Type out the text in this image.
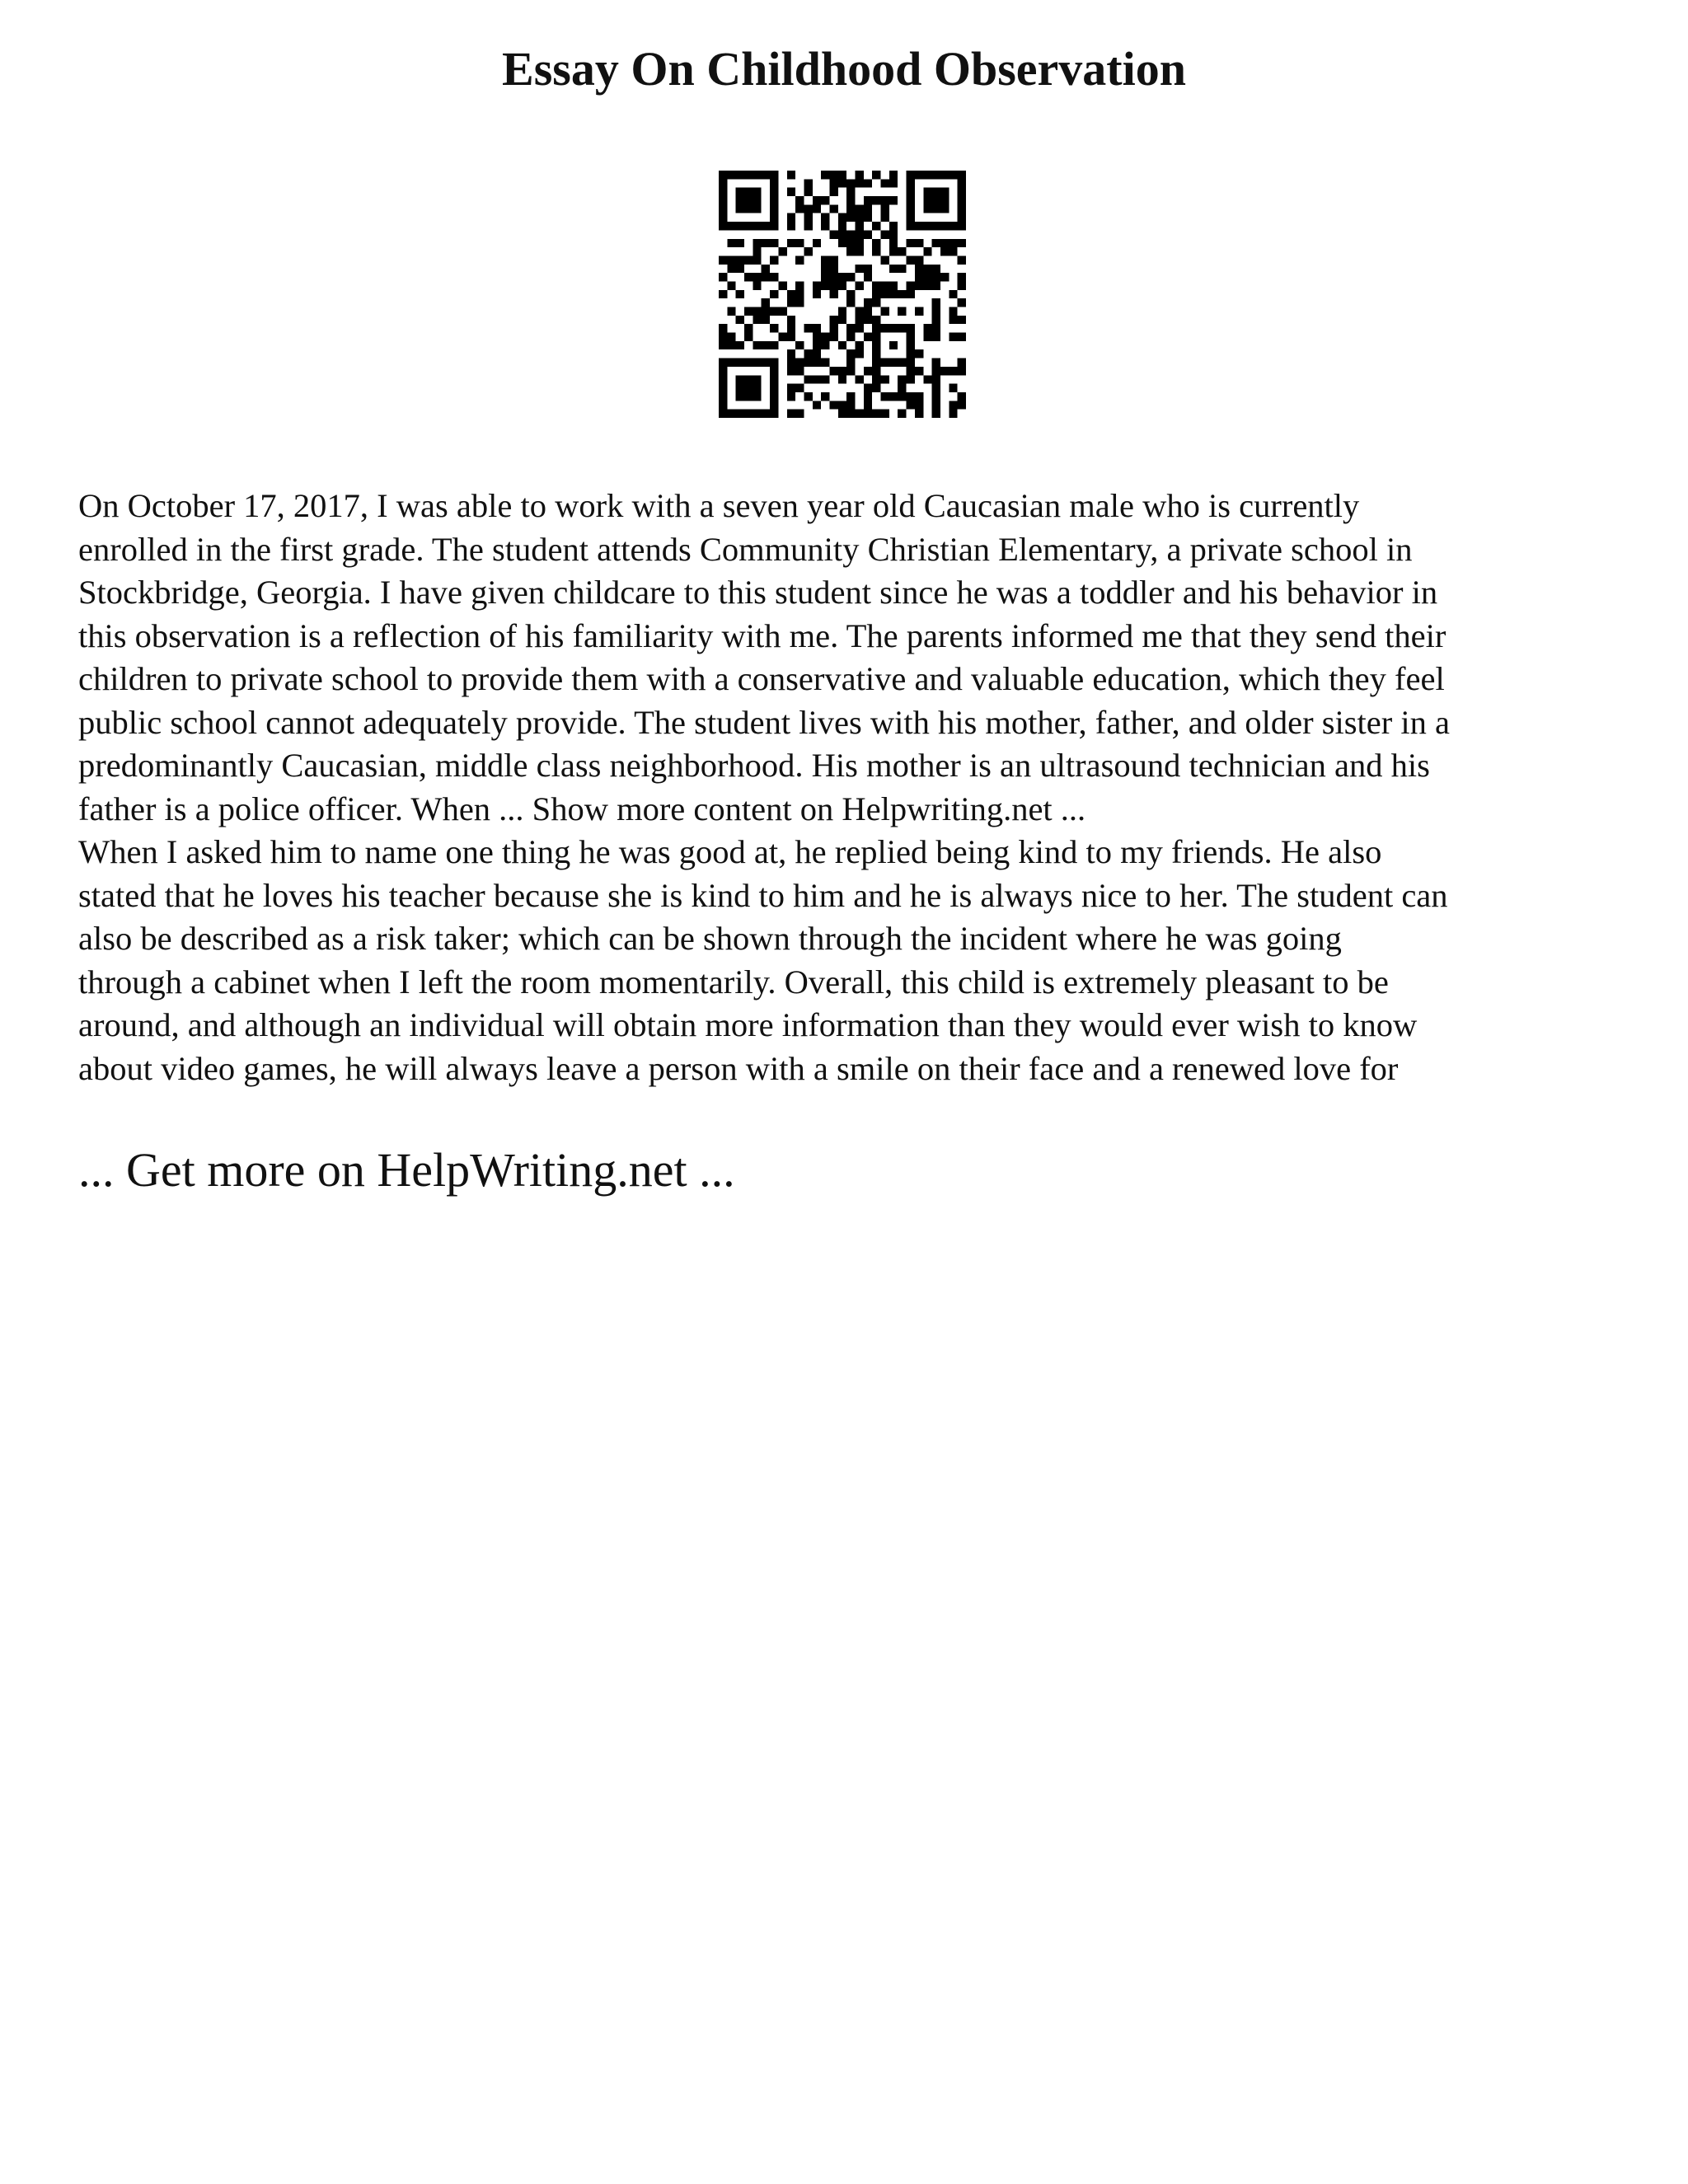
Essay On Childhood Observation
On October 17, 2017, I was able to work with a seven year old Caucasian male who is currently
enrolled in the first grade. The student attends Community Christian Elementary, a private school in
Stockbridge, Georgia. I have given childcare to this student since he was a toddler and his behavior in
this observation is a reflection of his familiarity with me. The parents informed me that they send their
children to private school to provide them with a conservative and valuable education, which they feel
public school cannot adequately provide. The student lives with his mother, father, and older sister in a
predominantly Caucasian, middle class neighborhood. His mother is an ultrasound technician and his
father is a police officer. When ... Show more content on Helpwriting.net ...
When I asked him to name one thing he was good at, he replied being kind to my friends. He also
stated that he loves his teacher because she is kind to him and he is always nice to her. The student can
also be described as a risk taker; which can be shown through the incident where he was going
through a cabinet when I left the room momentarily. Overall, this child is extremely pleasant to be
around, and although an individual will obtain more information than they would ever wish to know
about video games, he will always leave a person with a smile on their face and a renewed love for
... Get more on HelpWriting.net ...
